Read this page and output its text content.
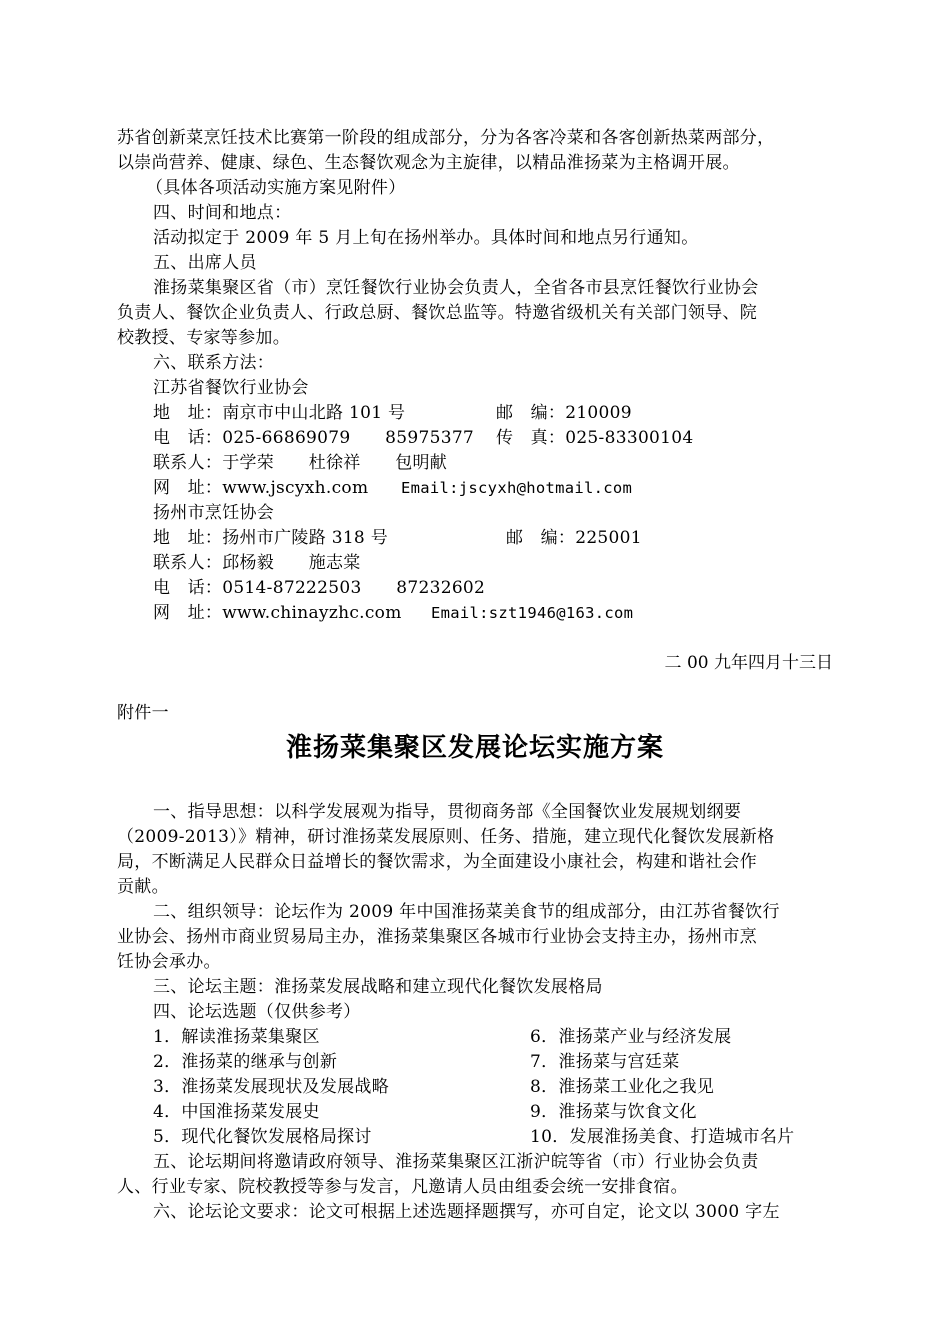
苏省创新菜烹饪技术比赛第一阶段的组成部分，分为各客冷菜和各客创新热菜两部分，
以崇尚营养、健康、绿色、生态餐饮观念为主旋律，以精品淮扬菜为主格调开展。
（具体各项活动实施方案见附件）
四、时间和地点：
活动拟定于 2009 年 5 月上旬在扬州举办。具体时间和地点另行通知。
五、出席人员
淮扬菜集聚区省（市）烹饪餐饮行业协会负责人，全省各市县烹饪餐饮行业协会
负责人、餐饮企业负责人、行政总厨、餐饮总监等。特邀省级机关有关部门领导、院
校教授、专家等参加。
六、联系方法：
江苏省餐饮行业协会
地　址：南京市中山北路 101 号	邮　编：210009
电　话：025-66869079　　85975377 传　真：025-83300104
联系人：于学荣　　杜徐祥　　包明献
网　址：www.jscyxh.com Email:jscyxh@hotmail.com
扬州市烹饪协会
地　址：扬州市广陵路 318 号	邮　编：225001
联系人：邱杨毅　　施志棠
电　话：0514-87222503　　87232602
网　址：www.chinayzhc.com Email:szt1946@163.com
二 00 九年四月十三日
附件一
淮扬菜集聚区发展论坛实施方案
一、指导思想：以科学发展观为指导，贯彻商务部《全国餐饮业发展规划纲要
（2009-2013）》精神，研讨淮扬菜发展原则、任务、措施，建立现代化餐饮发展新格
局，不断满足人民群众日益增长的餐饮需求，为全面建设小康社会，构建和谐社会作
贡献。
二、组织领导：论坛作为 2009 年中国淮扬菜美食节的组成部分，由江苏省餐饮行
业协会、扬州市商业贸易局主办，淮扬菜集聚区各城市行业协会支持主办，扬州市烹
饪协会承办。
三、论坛主题：淮扬菜发展战略和建立现代化餐饮发展格局
四、论坛选题（仅供参考）
1．解读淮扬菜集聚区	6．淮扬菜产业与经济发展
2．淮扬菜的继承与创新	7．淮扬菜与宫廷菜
3．淮扬菜发展现状及发展战略	8．淮扬菜工业化之我见
4．中国淮扬菜发展史	9．淮扬菜与饮食文化
5．现代化餐饮发展格局探讨	10．发展淮扬美食、打造城市名片
五、论坛期间将邀请政府领导、淮扬菜集聚区江浙沪皖等省（市）行业协会负责
人、行业专家、院校教授等参与发言，凡邀请人员由组委会统一安排食宿。
六、论坛论文要求：论文可根据上述选题择题撰写，亦可自定，论文以 3000 字左
